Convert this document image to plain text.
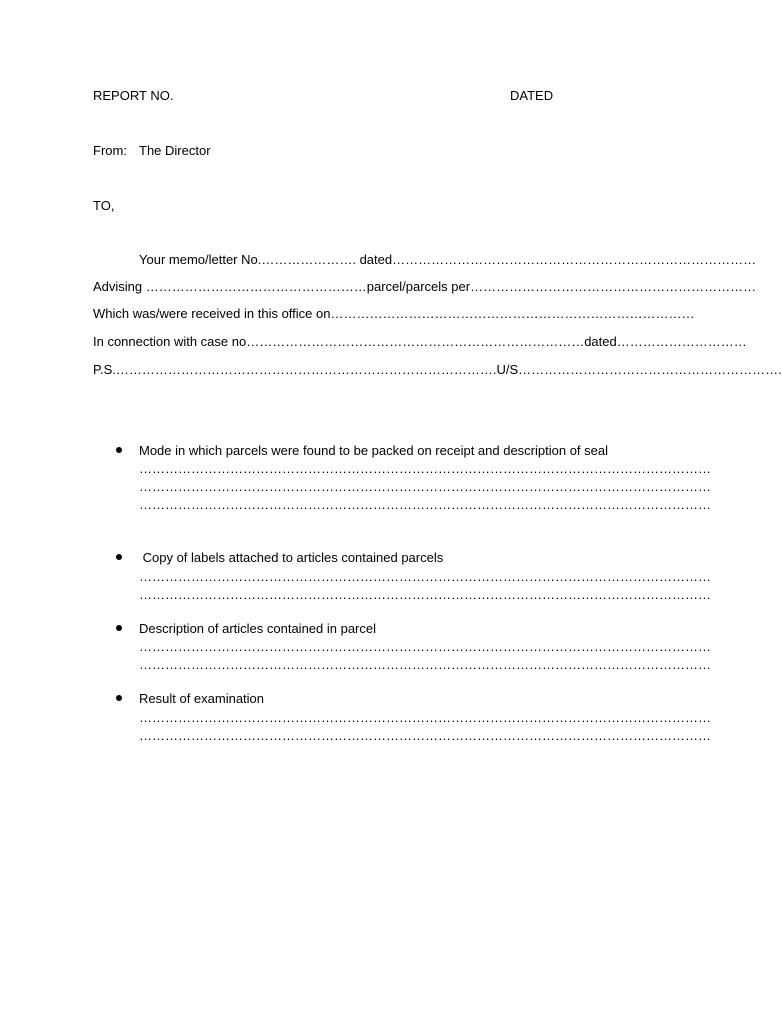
REPORT NO.	DATED
From: The Director
TO,
Your memo/letter No.…………………. dated…………………………………………………………………………
Advising ……………………………………………parcel/parcels per…………………………………………………………
Which was/were received in this office on…………………………………………………………………………
In connection with case no……………………………………………………………………dated…………………………
P.S.…………………………………………………………………………….U/S…………………………………………………….
Mode in which parcels were found to be packed on receipt and description of seal
……………………………………………………………………………………………………………………
……………………………………………………………………………………………………………………
……………………………………………………………………………………………………………………
Copy of labels attached to articles contained parcels
……………………………………………………………………………………………………………………
……………………………………………………………………………………………………………………
Description of articles contained in parcel
……………………………………………………………………………………………………………………
……………………………………………………………………………………………………………………
Result of examination
……………………………………………………………………………………………………………………
……………………………………………………………………………………………………………………
